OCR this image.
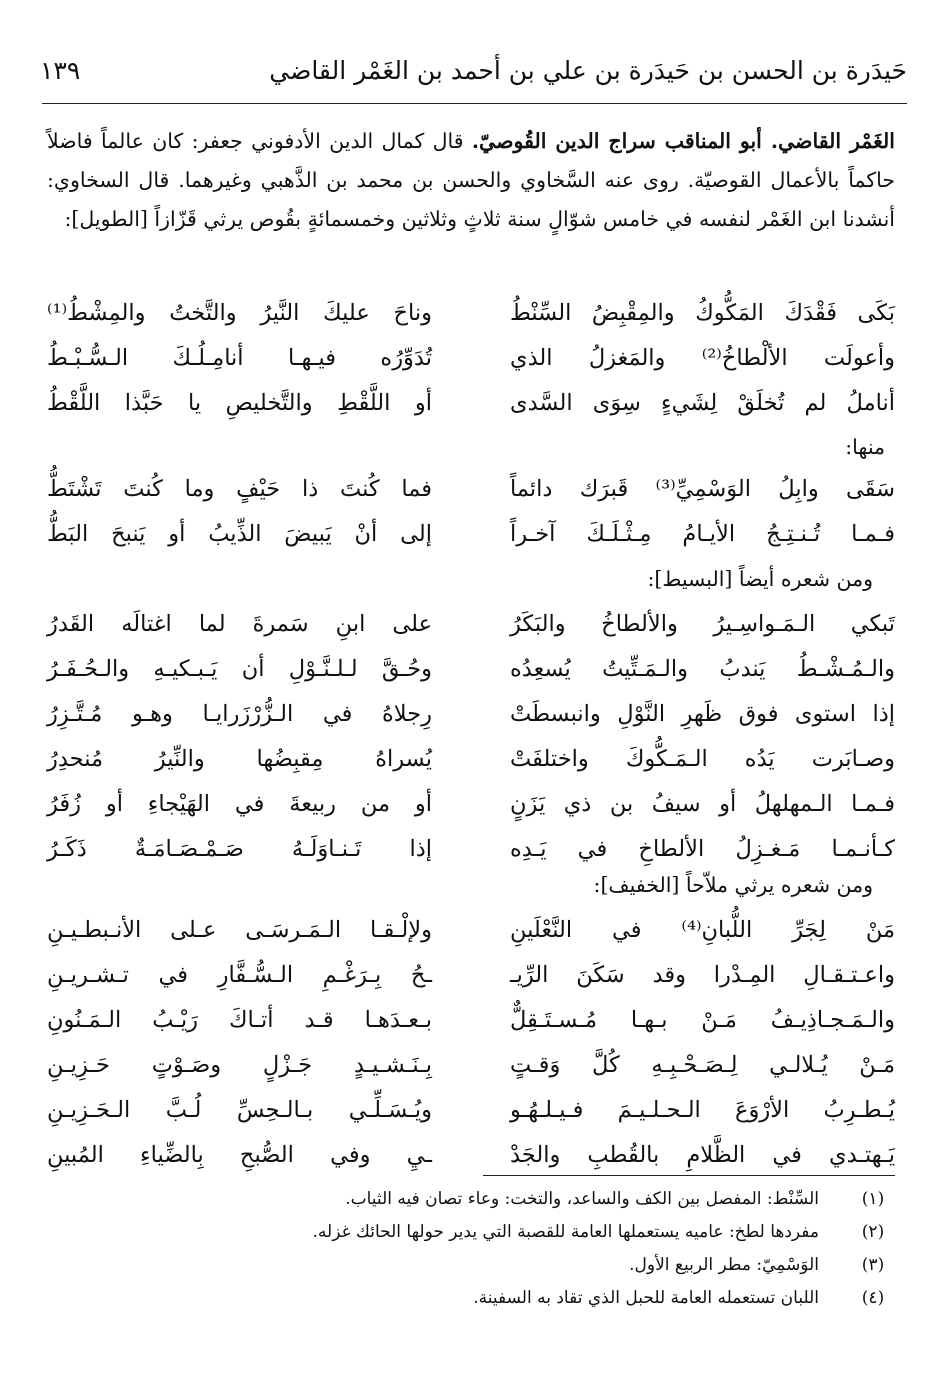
حَيدَرة بن الحسن بن حَيدَرة بن علي بن أحمد بن الغَمْر القاضي
١٣٩
الغَمْر القاضي. أبو المناقب سراج الدين القُوصيّ. قال كمال الدين الأدفوني جعفر: كان عالماً فاضلاً حاكماً بالأعمال القوصيّة. روى عنه السَّخاوي والحسن بن محمد بن الذَّهبي وغيرهما. قال السخاوي: أنشدنا ابن الغَمْر لنفسه في خامس شوّالٍ سنة ثلاثٍ وثلاثين وخمسمائةٍ بقُوص يرثي قَزّازاً [الطويل]:
بَكَى فَقْدَكَ المَكُّوكُ والمِقْبِضُ السِّنْطُ
وناحَ عليكَ النَّيرُ والتَّختُ والمِشْطُ⁽¹⁾
وأعولَت الألْطاخُ⁽²⁾ والمَغزلُ الذي
تُدَوِّرُه فيـهـا أنامِـلُـكَ الـسُّـبْـطُ
أناملُ لم تُخلَقْ لِشَيءٍ سِوَى السَّدى
أو اللَّقْطِ والتَّخليصِ يا حَبَّذا اللَّقْطُ
منها:
سَقَى وابِلُ الوَسْمِيِّ⁽³⁾ قَبرَك دائماً
فما كُنتَ ذا حَيْفٍ وما كُنتَ تَشْتَطُّ
فـمـا تُـنـتِـجُ الأيـامُ مِـثْـلَـكَ آخـراً
إلى أنْ يَبيضَ الذِّيبُ أو يَنبحَ البَطُّ
ومن شعره أيضاً [البسيط]:
تَبكي الـمَـواسِـيرُ والألطاخُ والبَكَرُ
على ابنِ سَمرةَ لما اغتالَه القَدرُ
والـمُـشْـطُ يَندبُ والـمَـتِّيتُ يُسعِدُه
وحُـقَّ لـلـنَّـوْلِ أن يَـبـكيـهِ والـحُـفَـرُ
إذا استوى فوق ظَهرِ النَّوْلِ وانبسطَتْ
رِجلاهُ في الـزُّرْزَرايـا وهـو مُـتَّـزِرُ
وصـابَرت يَدُه الـمَـكُّوكَ واختلفَتْ
يُسراهُ مِقبِضُها والنِّيرُ مُنحدِرُ
فـمـا الـمهلهلُ أو سيفُ بن ذي يَزَنٍ
أو من ربيعةَ في الهَيْجاءِ أو زُفَرُ
كـأنـمـا مَـغـزِلُ الألطاخِ في يَـدِه
إذا تَـنـاوَلَـهُ صَـمْـصَـامَـةٌ ذَكَـرُ
ومن شعره يرثي ملاّحاً [الخفيف]:
مَنْ لِجَرِّ اللُّبانِ⁽⁴⁾ في النَّعْلَينِ
ولإلْـقـا الـمَـرسَـى عـلى الأنـبطـيـنِ
واعـتـقـالِ المِـدْرا وقد سَكَنَ الرِّيـ
ـحُ بِـرَغْـمِ الـسُّـفَّارِ في تـشـريـنِ
والـمَـجـاذِيـفُ مَـنْ بـهـا مُـسـتَـقِلٌّ
بـعـدَهـا قـد أتـاكَ رَيْـبُ الـمَـنُونِ
مَـنْ يُـلالـي لِـصَـحْـبِـهِ كُلَّ وَقـتٍ
بِـنَـشـيـدٍ جَـزْلٍ وصَـوْتٍ حَـزِيـنِ
يُـطـرِبُ الأرْوَعَ الـحـلـيـمَ فـيـلـهُـو
ويُـسَـلِّـي بـالـحِسِّ لُـبَّ الـحَـزِيـنِ
يَـهتـدي في الظَّلامِ بالقُطبِ والجَدْ
ـيِ وفي الصُّبحِ بِالضِّياءِ المُبينِ
(١)
السِّنْط: المفصل بين الكف والساعد، والتخت: وعاء تصان فيه الثياب.
(٢)
مفردها لطخ: عاميه يستعملها العامة للقصبة التي يدير حولها الحائك غزله.
(٣)
الوَسْمِيّ: مطر الربيع الأول.
(٤)
اللبان تستعمله العامة للحبل الذي تقاد به السفينة.
